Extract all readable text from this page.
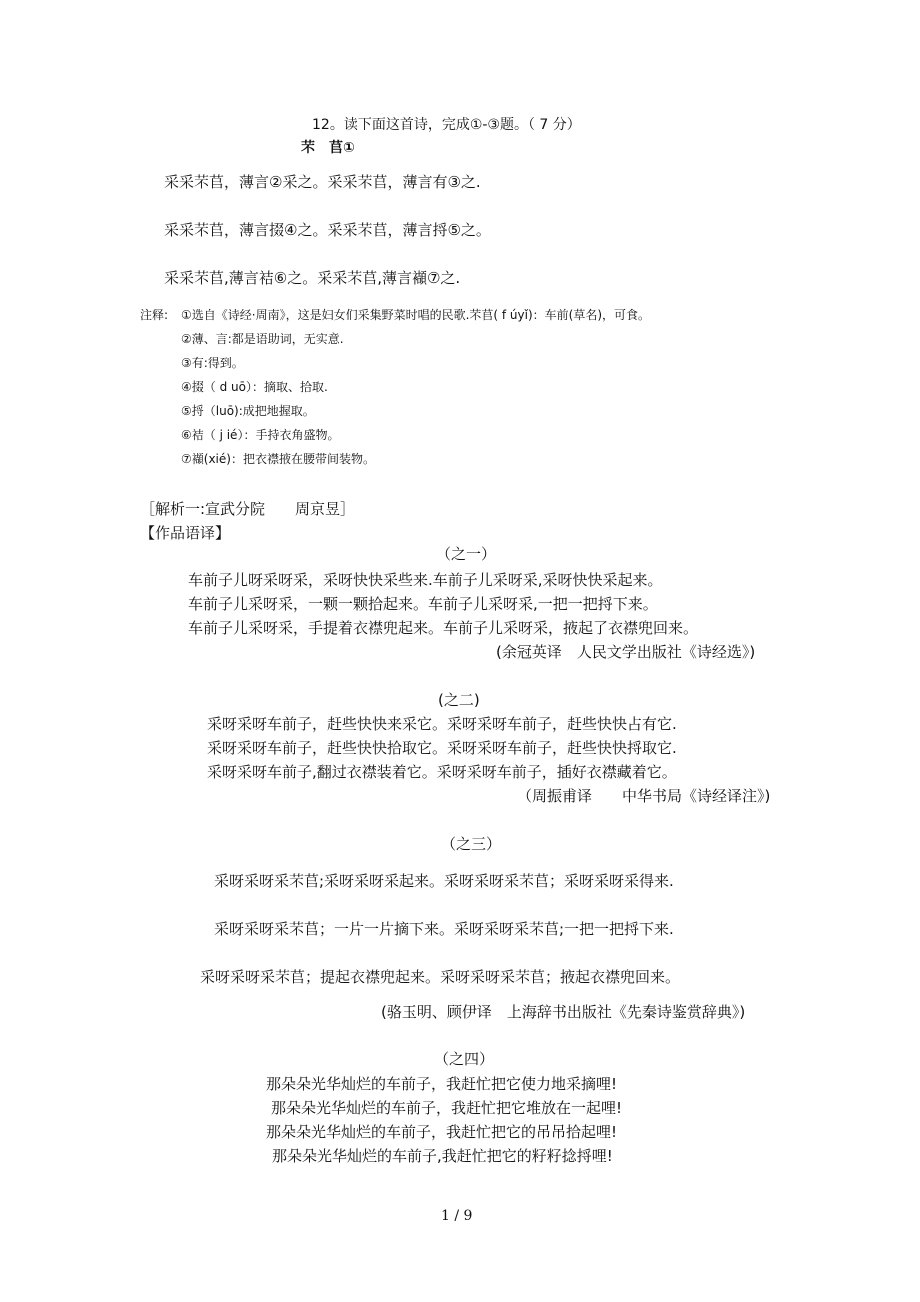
12。读下面这首诗，完成①-③题。（ 7 分）
芣　苢①
采采芣苢，薄言②采之。采采芣苢，薄言有③之.
采采芣苢，薄言掇④之。采采芣苢，薄言捋⑤之。
采采芣苢,薄言袺⑥之。采采芣苢,薄言襭⑦之.
注释: ①选自《诗经·周南》，这是妇女们采集野菜时唱的民歌.芣苢( f úyǐ)：车前(草名)，可食。
②薄、言:都是语助词，无实意.
③有:得到。
④掇（ d uō）：摘取、拾取.
⑤捋（luō):成把地握取。
⑥袺（ j ié）：手持衣角盛物。
⑦襭(xié)：把衣襟掖在腰带间装物。
［解析一:宣武分院　　周京昱］
【作品语译】
（之一）
车前子儿呀采呀采，采呀快快采些来.车前子儿采呀采,采呀快快采起来。
车前子儿采呀采，一颗一颗拾起来。车前子儿采呀采,一把一把捋下来。
车前子儿采呀采，手提着衣襟兜起来。车前子儿采呀采，掖起了衣襟兜回来。
(余冠英译　人民文学出版社《诗经选》)
(之二)
采呀采呀车前子，赶些快快来采它。采呀采呀车前子，赶些快快占有它.
采呀采呀车前子，赶些快快拾取它。采呀采呀车前子，赶些快快捋取它.
采呀采呀车前子,翻过衣襟装着它。采呀采呀车前子，插好衣襟藏着它。
（周振甫译　　中华书局《诗经译注》)
（之三）
采呀采呀采芣苢;采呀采呀采起来。采呀采呀采芣苢；采呀采呀采得来.
采呀采呀采芣苢；一片一片摘下来。采呀采呀采芣苢;一把一把捋下来.
采呀采呀采芣苢；提起衣襟兜起来。采呀采呀采芣苢；掖起衣襟兜回来。
(骆玉明、顾伊译　上海辞书出版社《先秦诗鉴赏辞典》)
（之四）
那朵朵光华灿烂的车前子，我赶忙把它使力地采摘哩!
那朵朵光华灿烂的车前子，我赶忙把它堆放在一起哩!
那朵朵光华灿烂的车前子，我赶忙把它的吊吊拾起哩!
那朵朵光华灿烂的车前子,我赶忙把它的籽籽捻捋哩!
1 / 9
